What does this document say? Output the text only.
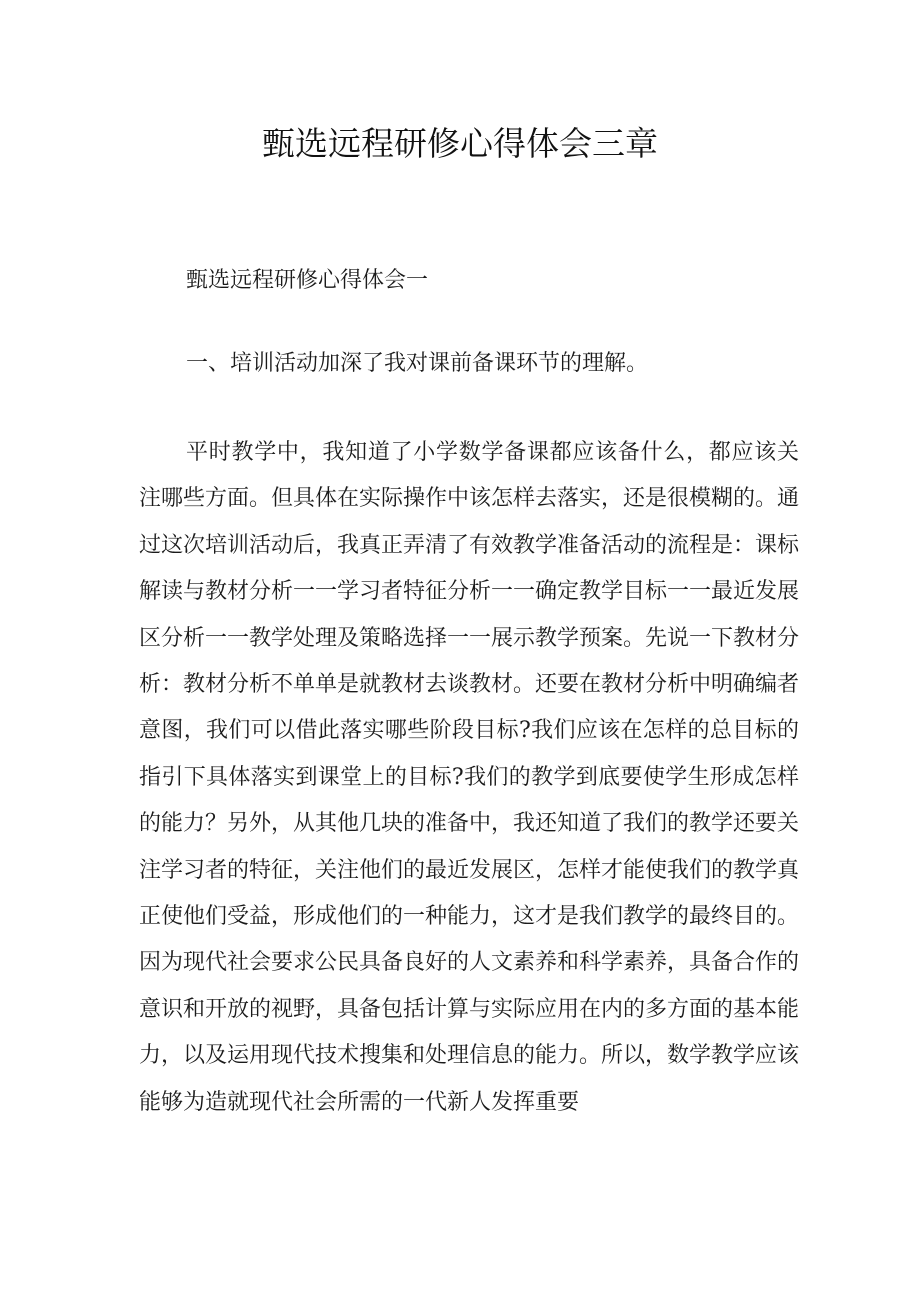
甄选远程研修心得体会三章
甄选远程研修心得体会一
一、培训活动加深了我对课前备课环节的理解。

平时教学中，我知道了小学数学备课都应该备什么，都应该关注哪些方面。但具体在实际操作中该怎样去落实，还是很模糊的。通过这次培训活动后，我真正弄清了有效教学准备活动的流程是：课标解读与教材分析一一学习者特征分析一一确定教学目标一一最近发展区分析一一教学处理及策略选择一一展示教学预案。先说一下教材分析：教材分析不单单是就教材去谈教材。还要在教材分析中明确编者意图，我们可以借此落实哪些阶段目标?我们应该在怎样的总目标的指引下具体落实到课堂上的目标?我们的教学到底要使学生形成怎样的能力？另外，从其他几块的准备中，我还知道了我们的教学还要关注学习者的特征，关注他们的最近发展区，怎样才能使我们的教学真正使他们受益，形成他们的一种能力，这才是我们教学的最终目的。因为现代社会要求公民具备良好的人文素养和科学素养，具备合作的意识和开放的视野，具备包括计算与实际应用在内的多方面的基本能力，以及运用现代技术搜集和处理信息的能力。所以，数学教学应该能够为造就现代社会所需的一代新人发挥重要
